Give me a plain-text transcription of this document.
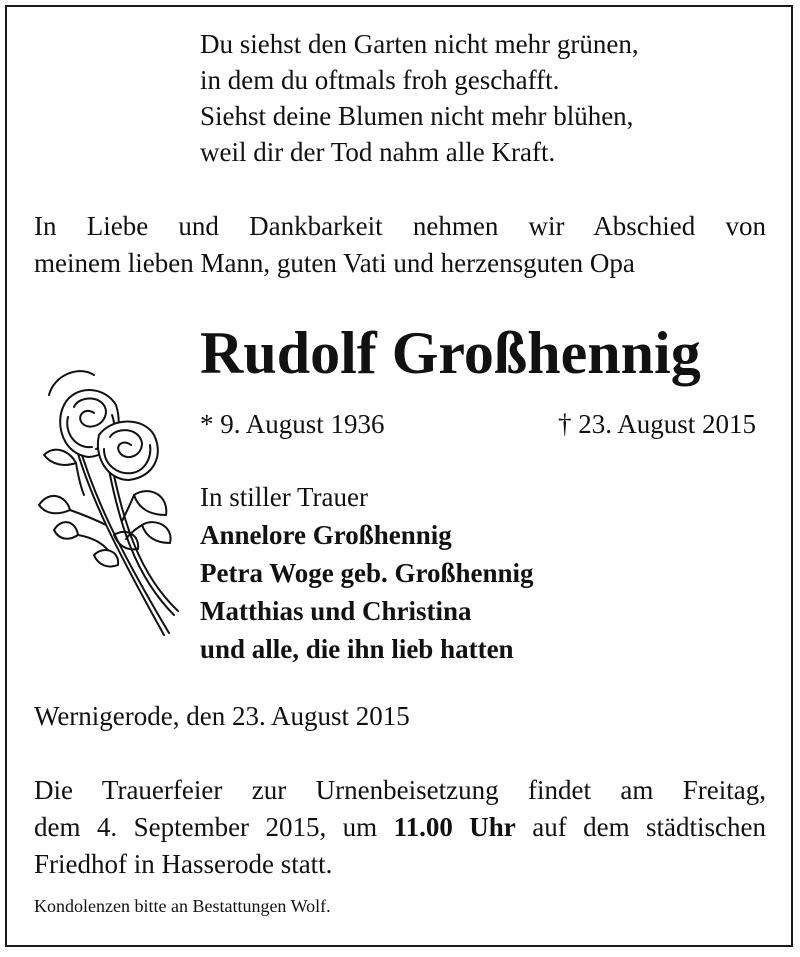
Du siehst den Garten nicht mehr grünen,
in dem du oftmals froh geschafft.
Siehst deine Blumen nicht mehr blühen,
weil dir der Tod nahm alle Kraft.
In Liebe und Dankbarkeit nehmen wir Abschied von
meinem lieben Mann, guten Vati und herzensguten Opa
Rudolf Großhennig
* 9. August 1936	† 23. August 2015
In stiller Trauer
Annelore Großhennig
Petra Woge geb. Großhennig
Matthias und Christina
und alle, die ihn lieb hatten
Wernigerode, den 23. August 2015
Die Trauerfeier zur Urnenbeisetzung findet am Freitag,
dem 4. September 2015, um 11.00 Uhr auf dem städtischen
Friedhof in Hasserode statt.
Kondolenzen bitte an Bestattungen Wolf.
